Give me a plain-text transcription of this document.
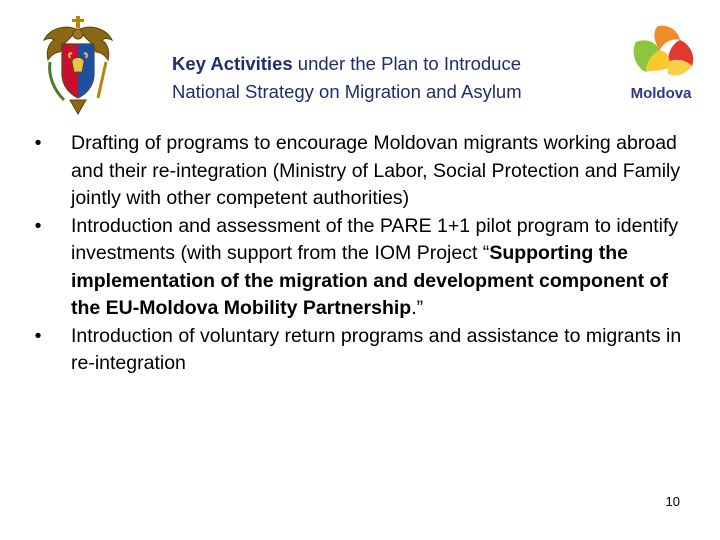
Key Activities under the Plan to Introduce
National Strategy on Migration and Asylum	Moldova
• Drafting of programs to encourage Moldovan migrants working abroad and their re-integration (Ministry of Labor, Social Protection and Family jointly with other competent authorities)
• Introduction and assessment of the PARE 1+1 pilot program to identify investments (with support from the IOM Project “Supporting the implementation of the migration and development component of the EU-Moldova Mobility Partnership.”
• Introduction of voluntary return programs and assistance to migrants in re-integration
10
